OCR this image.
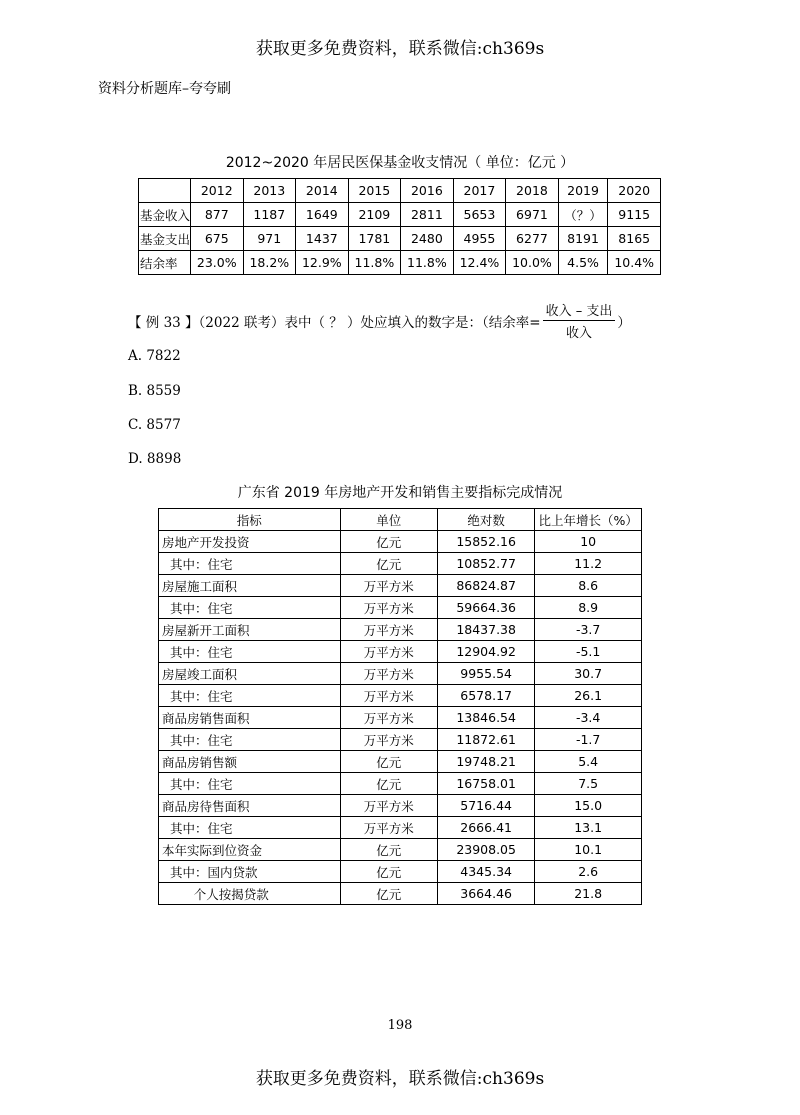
获取更多免费资料，联系微信:ch369s
资料分析题库–夸夸刷
2012~2020 年居民医保基金收支情况（ 单位：亿元 ）
	2012	2013	2014	2015	2016	2017	2018	2019	2020
基金收入	877	1187	1649	2109	2811	5653	6971	（？）	9115
基金支出	675	971	1437	1781	2480	4955	6277	8191	8165
结余率	23.0%	18.2%	12.9%	11.8%	11.8%	12.4%	10.0%	4.5%	10.4%
【 例 33 】（2022 联考）表中（ ？ ）处应填入的数字是：（结余率= $\frac{\text{收入 – 支出}}{\text{收入}}$ ）
A. 7822
B. 8559
C. 8577
D. 8898
广东省 2019 年房地产开发和销售主要指标完成情况
指标	单位	绝对数	比上年增长（%）
房地产开发投资	亿元	15852.16	10
其中：住宅	亿元	10852.77	11.2
房屋施工面积	万平方米	86824.87	8.6
其中：住宅	万平方米	59664.36	8.9
房屋新开工面积	万平方米	18437.38	-3.7
其中：住宅	万平方米	12904.92	-5.1
房屋竣工面积	万平方米	9955.54	30.7
其中：住宅	万平方米	6578.17	26.1
商品房销售面积	万平方米	13846.54	-3.4
其中：住宅	万平方米	11872.61	-1.7
商品房销售额	亿元	19748.21	5.4
其中：住宅	亿元	16758.01	7.5
商品房待售面积	万平方米	5716.44	15.0
其中：住宅	万平方米	2666.41	13.1
本年实际到位资金	亿元	23908.05	10.1
其中：国内贷款	亿元	4345.34	2.6
个人按揭贷款	亿元	3664.46	21.8
198
获取更多免费资料，联系微信:ch369s
